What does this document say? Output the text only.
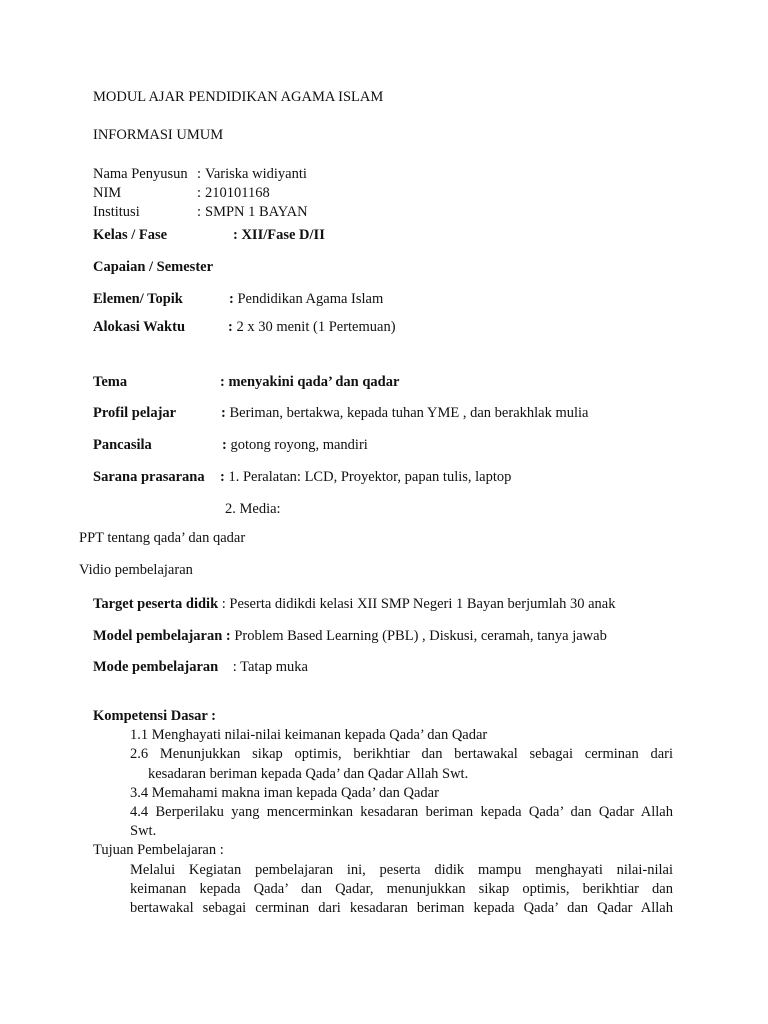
MODUL AJAR PENDIDIKAN AGAMA ISLAM
INFORMASI UMUM
Nama Penyusun : Variska widiyanti
NIM	: 210101168
Institusi	: SMPN 1 BAYAN
Kelas / Fase	: XII/Fase D/II
Capaian / Semester
Elemen/ Topik	: Pendidikan Agama Islam
Alokasi Waktu	: 2 x 30 menit (1 Pertemuan)
Tema	: menyakini qada’ dan qadar
Profil pelajar	: Beriman, bertakwa, kepada tuhan YME , dan berakhlak mulia
Pancasila	: gotong royong, mandiri
Sarana prasarana : 1. Peralatan: LCD, Proyektor, papan tulis, laptop
2. Media:
PPT tentang qada’ dan qadar
Vidio pembelajaran
Target peserta didik : Peserta didikdi kelasi XII SMP Negeri 1 Bayan berjumlah 30 anak
Model pembelajaran : Problem Based Learning (PBL) , Diskusi, ceramah, tanya jawab
Mode pembelajaran    : Tatap muka
Kompetensi Dasar :
1.1 Menghayati nilai-nilai keimanan kepada Qada’ dan Qadar
2.6 Menunjukkan sikap optimis, berikhtiar dan bertawakal sebagai cerminan dari
kesadaran beriman kepada Qada’ dan Qadar Allah Swt.
3.4 Memahami makna iman kepada Qada’ dan Qadar
4.4 Berperilaku yang mencerminkan kesadaran beriman kepada Qada’ dan Qadar Allah
Swt.
Tujuan Pembelajaran :
Melalui Kegiatan pembelajaran ini, peserta didik mampu menghayati nilai-nilai
keimanan kepada Qada’ dan Qadar, menunjukkan sikap optimis, berikhtiar dan
bertawakal sebagai cerminan dari kesadaran beriman kepada Qada’ dan Qadar Allah
